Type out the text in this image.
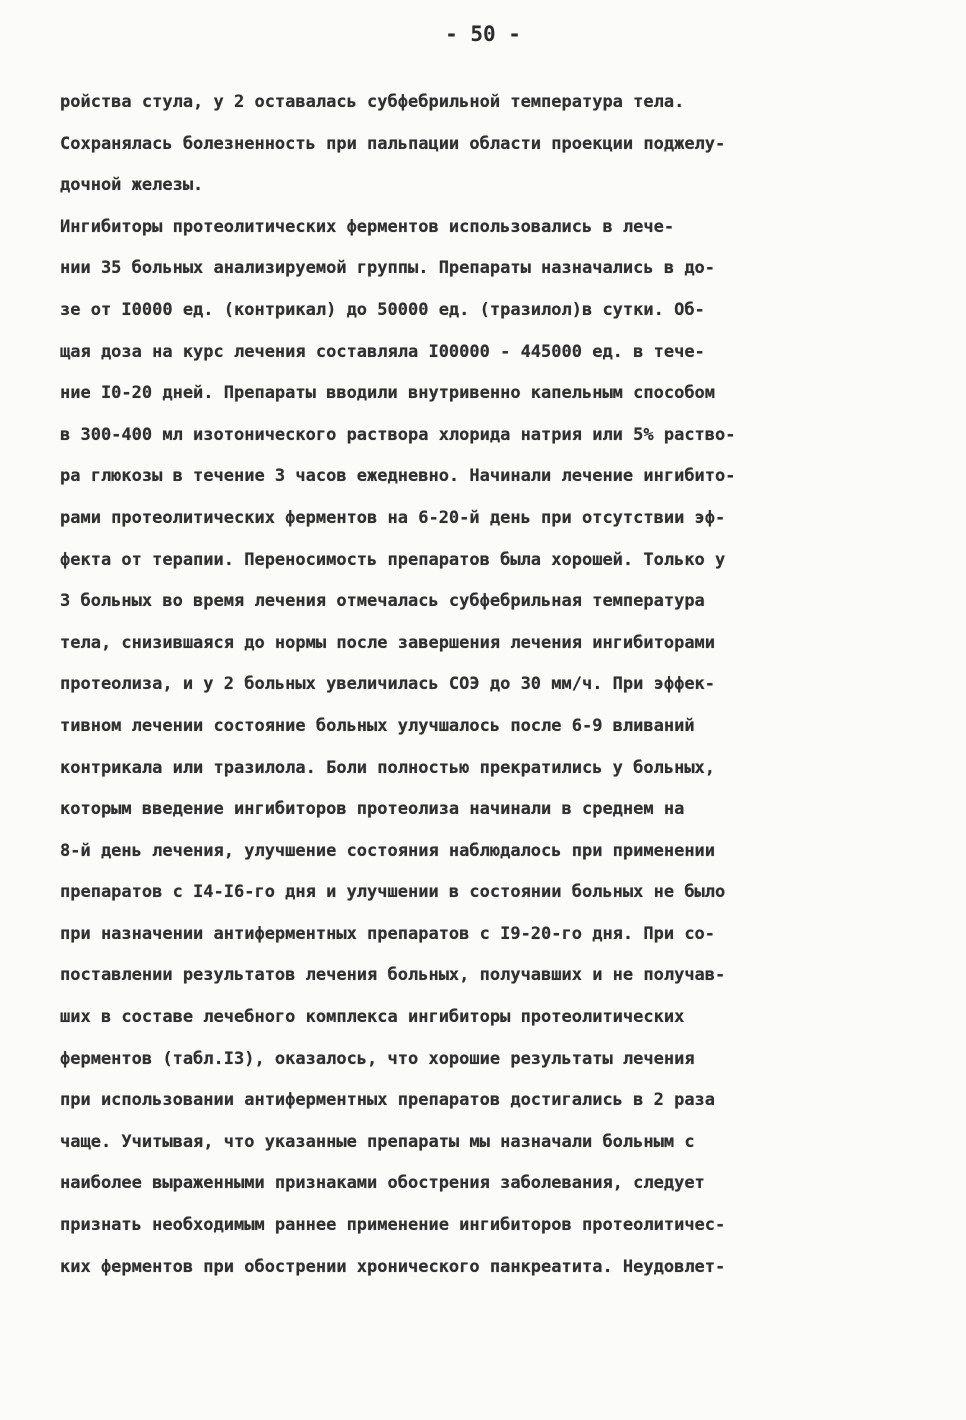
- 50 -
ройства стула, у 2 оставалась субфебрильной температура тела.
Сохранялась болезненность при пальпации области проекции поджелу-
дочной железы.
Ингибиторы протеолитических ферментов использовались в лече-
нии 35 больных анализируемой группы. Препараты назначались в до-
зе от I0000 ед. (контрикал) до 50000 ед. (тразилол)в сутки. Об-
щая доза на курс лечения составляла I00000 - 445000 ед. в тече-
ние I0-20 дней. Препараты вводили внутривенно капельным способом
в 300-400 мл изотонического раствора хлорида натрия или 5% раство-
ра глюкозы в течение 3 часов ежедневно. Начинали лечение ингибито-
рами протеолитических ферментов на 6-20-й день при отсутствии эф-
фекта от терапии. Переносимость препаратов была хорошей. Только у
3 больных во время лечения отмечалась субфебрильная температура
тела, снизившаяся до нормы после завершения лечения ингибиторами
протеолиза, и у 2 больных увеличилась СОЭ до 30 мм/ч. При эффек-
тивном лечении состояние больных улучшалось после 6-9 вливаний
контрикала или тразилола. Боли полностью прекратились у больных,
которым введение ингибиторов протеолиза начинали в среднем на
8-й день лечения, улучшение состояния наблюдалось при применении
препаратов с I4-I6-го дня и улучшении в состоянии больных не было
при назначении антиферментных препаратов с I9-20-го дня. При со-
поставлении результатов лечения больных, получавших и не получав-
ших в составе лечебного комплекса ингибиторы протеолитических
ферментов (табл.I3), оказалось, что хорошие результаты лечения
при использовании антиферментных препаратов достигались в 2 раза
чаще. Учитывая, что указанные препараты мы назначали больным с
наиболее выраженными признаками обострения заболевания, следует
признать необходимым раннее применение ингибиторов протеолитичес-
ких ферментов при обострении хронического панкреатита. Неудовлет-
